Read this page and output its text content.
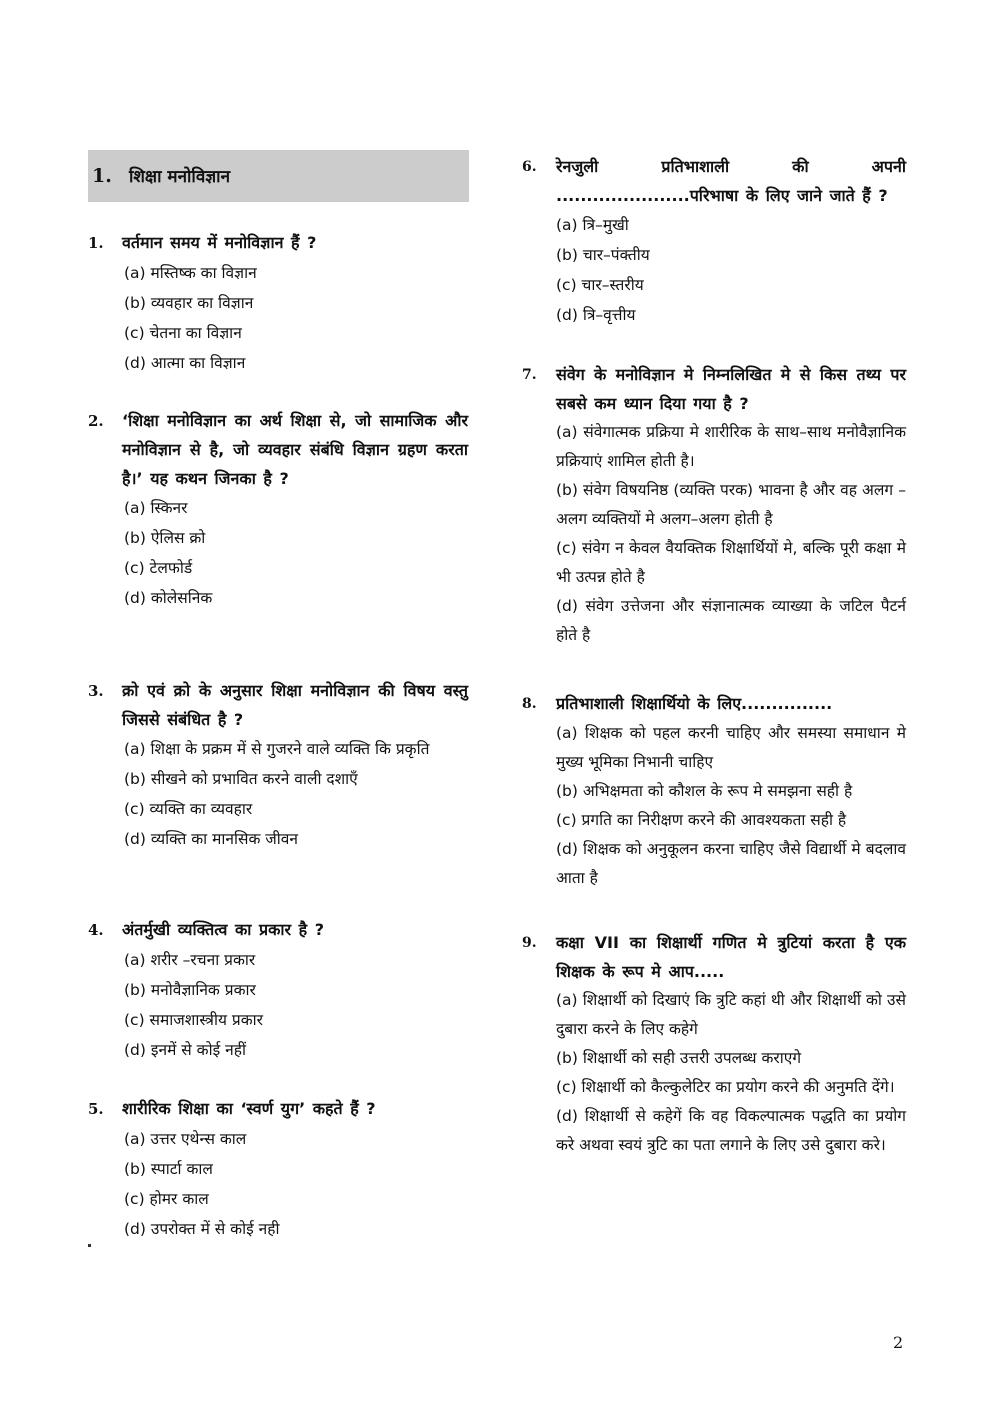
1. शिक्षा मनोविज्ञान
1.	वर्तमान समय में मनोविज्ञान हैं ?
(a) मस्तिष्क का विज्ञान
(b) व्यवहार का विज्ञान
(c) चेतना का विज्ञान
(d) आत्मा का विज्ञान
2.	‘शिक्षा मनोविज्ञान का अर्थ शिक्षा से, जो सामाजिक और मनोविज्ञान से है, जो व्यवहार संबंधि विज्ञान ग्रहण करता है।’ यह कथन जिनका है ?
(a) स्किनर
(b) ऐलिस क्रो
(c) टेलफोर्ड
(d) कोलेसनिक
3.	क्रो एवं क्रो के अनुसार शिक्षा मनोविज्ञान की विषय वस्तु जिससे संबंधित है ?
(a) शिक्षा के प्रक्रम में से गुजरने वाले व्यक्ति कि प्रकृति
(b) सीखने को प्रभावित करने वाली दशाएँ
(c) व्यक्ति का व्यवहार
(d) व्यक्ति का मानसिक जीवन
4.	अंतर्मुखी व्यक्तित्व का प्रकार है ?
(a) शरीर –रचना प्रकार
(b) मनोवैज्ञानिक प्रकार
(c) समाजशास्त्रीय प्रकार
(d) इनमें से कोई नहीं
5.	शारीरिक शिक्षा का ‘स्वर्ण युग’ कहते हैं ?
(a) उत्तर एथेन्स काल
(b) स्पार्टा काल
(c) होमर काल
(d) उपरोक्त में से कोई नही
6.	रेनजुली प्रतिभाशाली की अपनी ......................परिभाषा के लिए जाने जाते हैं ?
(a) त्रि–मुखी
(b) चार–पंक्तीय
(c) चार–स्तरीय
(d) त्रि–वृत्तीय
7.	संवेग के मनोविज्ञान मे निम्नलिखित मे से किस तथ्य पर सबसे कम ध्यान दिया गया है ?
(a) संवेगात्मक प्रक्रिया मे शारीरिक के साथ–साथ मनोवैज्ञानिक प्रक्रियाएं शामिल होती है।
(b) संवेग विषयनिष्ठ (व्यक्ति परक) भावना है और वह अलग –अलग व्यक्तियों मे अलग–अलग होती है
(c) संवेग न केवल वैयक्तिक शिक्षार्थियों मे, बल्कि पूरी कक्षा मे भी उत्पन्न होते है
(d) संवेग उत्तेजना और संज्ञानात्मक व्याख्या के जटिल पैटर्न होते है
8.	प्रतिभाशाली शिक्षार्थियो के लिए...............
(a) शिक्षक को पहल करनी चाहिए और समस्या समाधान मे मुख्य भूमिका निभानी चाहिए
(b) अभिक्षमता को कौशल के रूप मे समझना सही है
(c) प्रगति का निरीक्षण करने की आवश्यकता सही है
(d) शिक्षक को अनुकूलन करना चाहिए जैसे विद्यार्थी मे बदलाव आता है
9.	कक्षा VII का शिक्षार्थी गणित मे त्रुटियां करता है एक शिक्षक के रूप मे आप.....
(a) शिक्षार्थी को दिखाएं कि त्रुटि कहां थी और शिक्षार्थी को उसे दुबारा करने के लिए कहेगे
(b) शिक्षार्थी को सही उत्तरी उपलब्ध कराएगे
(c) शिक्षार्थी को कैल्कुलेटिर का प्रयोग करने की अनुमति देंगे।
(d) शिक्षार्थी से कहेगें कि वह विकल्पात्मक पद्धति का प्रयोग करे अथवा स्वयं त्रुटि का पता लगाने के लिए उसे दुबारा करे।
2
